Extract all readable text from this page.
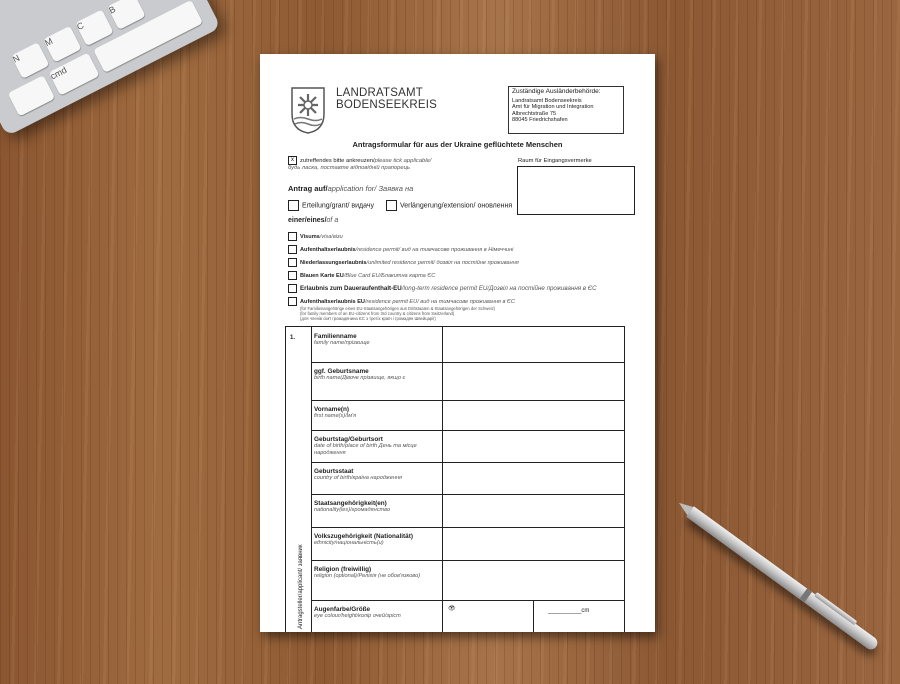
N
M
C
B
cmd
LANDRATSAMT
BODENSEEKREIS
Zuständige Ausländerbehörde:
Landratsamt Bodenseekreis
Amt für Migration und Integration
Albrechtstraße 75
88045 Friedrichshafen
Antragsformular für aus der Ukraine geflüchtete Menschen
x zutreffendes bitte ankreuzen/please tick applicable/
будь ласка, поставте відповідній прапорець
Raum für Eingangsvermerke
Antrag auf/application for/ Заявка на
Erteilung/grant/ видачу	Verlängerung/extension/ оновлення
einer/eines/of a
Visums/visa/візи
Aufenthaltserlaubnis/residence permit/ вид на тимчасове проживання в Німеччині
Niederlassungserlaubnis/unlimited residence permit/ дозвіл на постійне проживання
Blauen Karte EU/Blue Card EU/Блакитна карта ЄС
Erlaubnis zum Daueraufenthalt-EU/long-term residence permit EU/Дозвіл на постійне проживання в ЄС
Aufenthaltserlaubnis EU/residence permit EU/ вид на тимчасове проживання в ЄС
(für Familienangehörige eines EU-Staatsangehörigen aus Drittstaaten & Staatsangehörigen der Schweiz)
(for family members of an EU-citizens from 3rd country & citizens from Switzerland)
(для членів сім'ї громадянина ЄС з третіх країн і громадян Швейцарії)
1.
Antragsteller/applicant/ заявник
Familienname
family name/прізвище
ggf. Geburtsname
birth name/Дівоче прізвище, якщо є
Vorname(n)
first name(s)/Ім'я
Geburtstag/Geburtsort
date of birth/place of birth День та місце народження
Geburtsstaat
country of birth/країна народження
Staatsangehörigkeit(en)
nationality(ies)/громадянство
Volkszugehörigkeit (Nationalität)
ethnicity/національність(и)
Religion (freiwillig)
religion (optional)/Релігія (не обов'язково)
Augenfarbe/Größe
eye colour/height/колір очей/зріст
👁	__________cm
